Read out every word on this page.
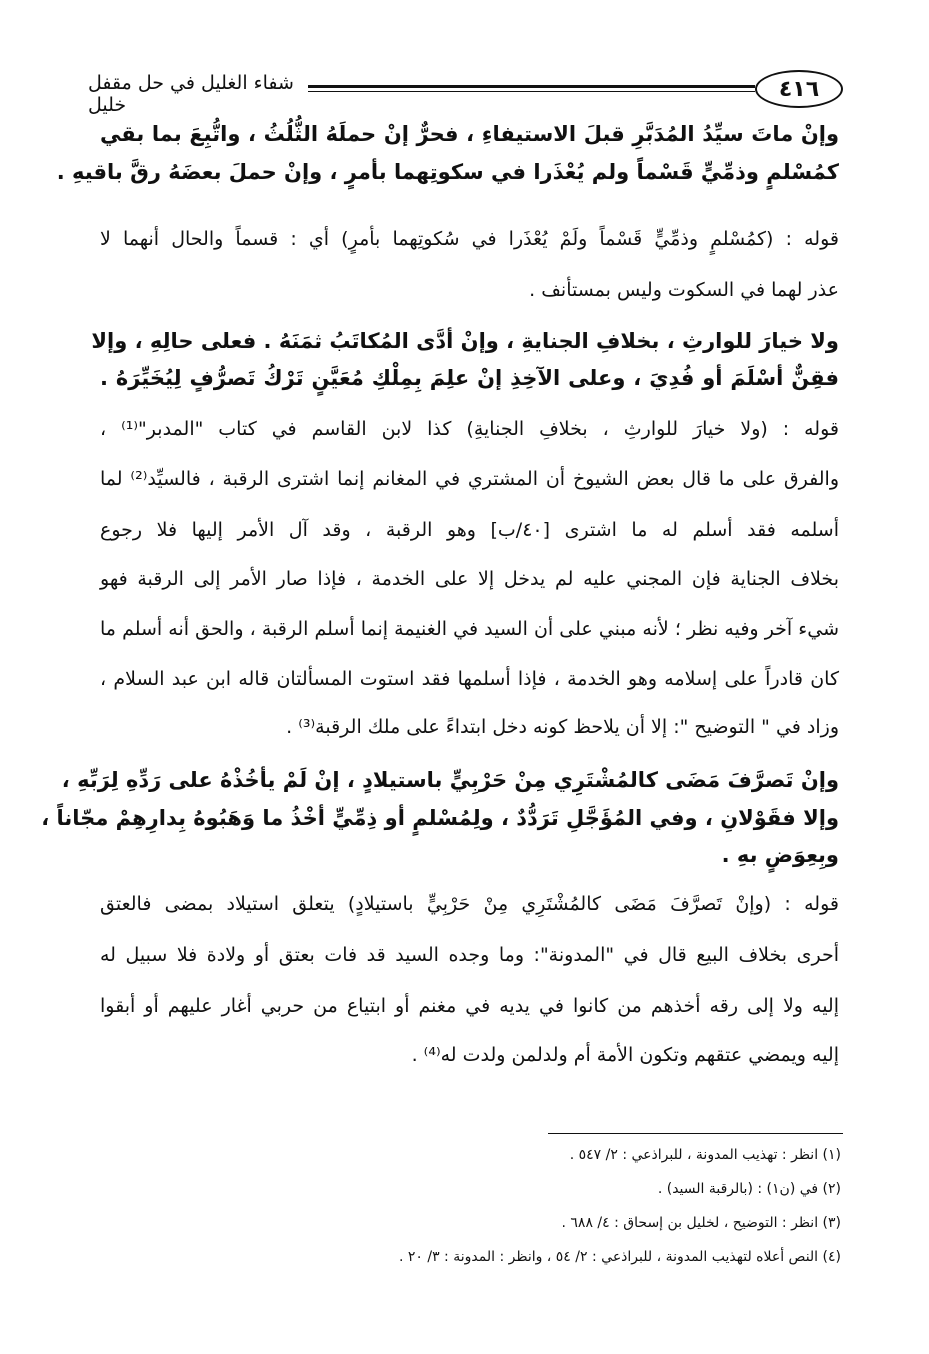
٤١٦
شفاء الغليل في حل مقفل خليل
وإنْ ماتَ سيِّدُ المُدَبَّرِ قبلَ الاستيفاءِ ، فحرٌّ إنْ حملَهُ الثُّلُثُ ، واتُّبِعَ بما بقي
كمُسْلمٍ وذمِّيٍّ قَسْماً ولم يُعْذَرا في سكوتِهما بأمرٍ ، وإنْ حملَ بعضَهُ رقَّ باقيهِ .
قوله : (كمُسْلمٍ وذمِّيٍّ قَسْماً ولَمْ يُعْذَرا في سُكوتِهما بأمرٍ) أي : قسماً والحال أنهما لا
عذر لهما في السكوت وليس بمستأنف .
ولا خيارَ للوارثِ ، بخلافِ الجنايةِ ، وإنْ أدَّى المُكاتَبُ ثمَنَهُ . فعلى حالِهِ ، وإلا
فقِنٌّ أسْلَمَ أو فُدِيَ ، وعلى الآخِذِ إنْ علِمَ بِمِلْكِ مُعَيَّنٍ تَرْكُ تَصرُّفٍ لِيُخَيِّرَهُ .
قوله : (ولا خيارَ للوارثِ ، بخلافِ الجنايةِ) كذا لابن القاسم في كتاب "المدبر"⁽¹⁾ ،
والفرق على ما قال بعض الشيوخ أن المشتري في المغانم إنما اشترى الرقبة ، فالسيِّد⁽²⁾ لما
أسلمه فقد أسلم له ما اشترى [٤٠/ب] وهو الرقبة ، وقد آل الأمر إليها فلا رجوع
بخلاف الجناية فإن المجني عليه لم يدخل إلا على الخدمة ، فإذا صار الأمر إلى الرقبة فهو
شيء آخر وفيه نظر ؛ لأنه مبني على أن السيد في الغنيمة إنما أسلم الرقبة ، والحق أنه أسلم ما
كان قادراً على إسلامه وهو الخدمة ، فإذا أسلمها فقد استوت المسألتان قاله ابن عبد السلام ،
وزاد في " التوضيح ": إلا أن يلاحظ كونه دخل ابتداءً على ملك الرقبة⁽³⁾ .
وإنْ تَصرَّفَ مَضَى كالمُشْتَرِي مِنْ حَرْبِيٍّ باستيلادٍ ، إنْ لَمْ يأخُذْهُ على رَدِّهِ لِرَبِّهِ ،
وإلا فقَوْلانِ ، وفي المُؤَجَّلِ تَرَدُّدٌ ، ولِمُسْلمٍ أو ذِمِّيٍّ أخْذُ ما وَهَبُوهُ بِدارِهِمْ مجّاناً ،
وبِعِوَضٍ بهِ .
قوله : (وإنْ تَصرَّفَ مَضَى كالمُشْتَرِي مِنْ حَرْبِيٍّ باستيلادٍ) يتعلق استيلاد بمضى فالعتق
أحرى بخلاف البيع قال في "المدونة": وما وجده السيد قد فات بعتق أو ولادة فلا سبيل له
إليه ولا إلى رقه أخذهم من كانوا في يديه في مغنم أو ابتياع من حربي أغار عليهم أو أبقوا
إليه ويمضي عتقهم وتكون الأمة أم ولدلمن ولدت له⁽⁴⁾ .
(١) انظر : تهذيب المدونة ، للبراذعي : ٢/ ٥٤٧ .
(٢) في (ن١) : (بالرقبة السيد) .
(٣) انظر : التوضيح ، لخليل بن إسحاق : ٤/ ٦٨٨ .
(٤) النص أعلاه لتهذيب المدونة ، للبراذعي : ٢/ ٥٤ ، وانظر : المدونة : ٣/ ٢٠ .
